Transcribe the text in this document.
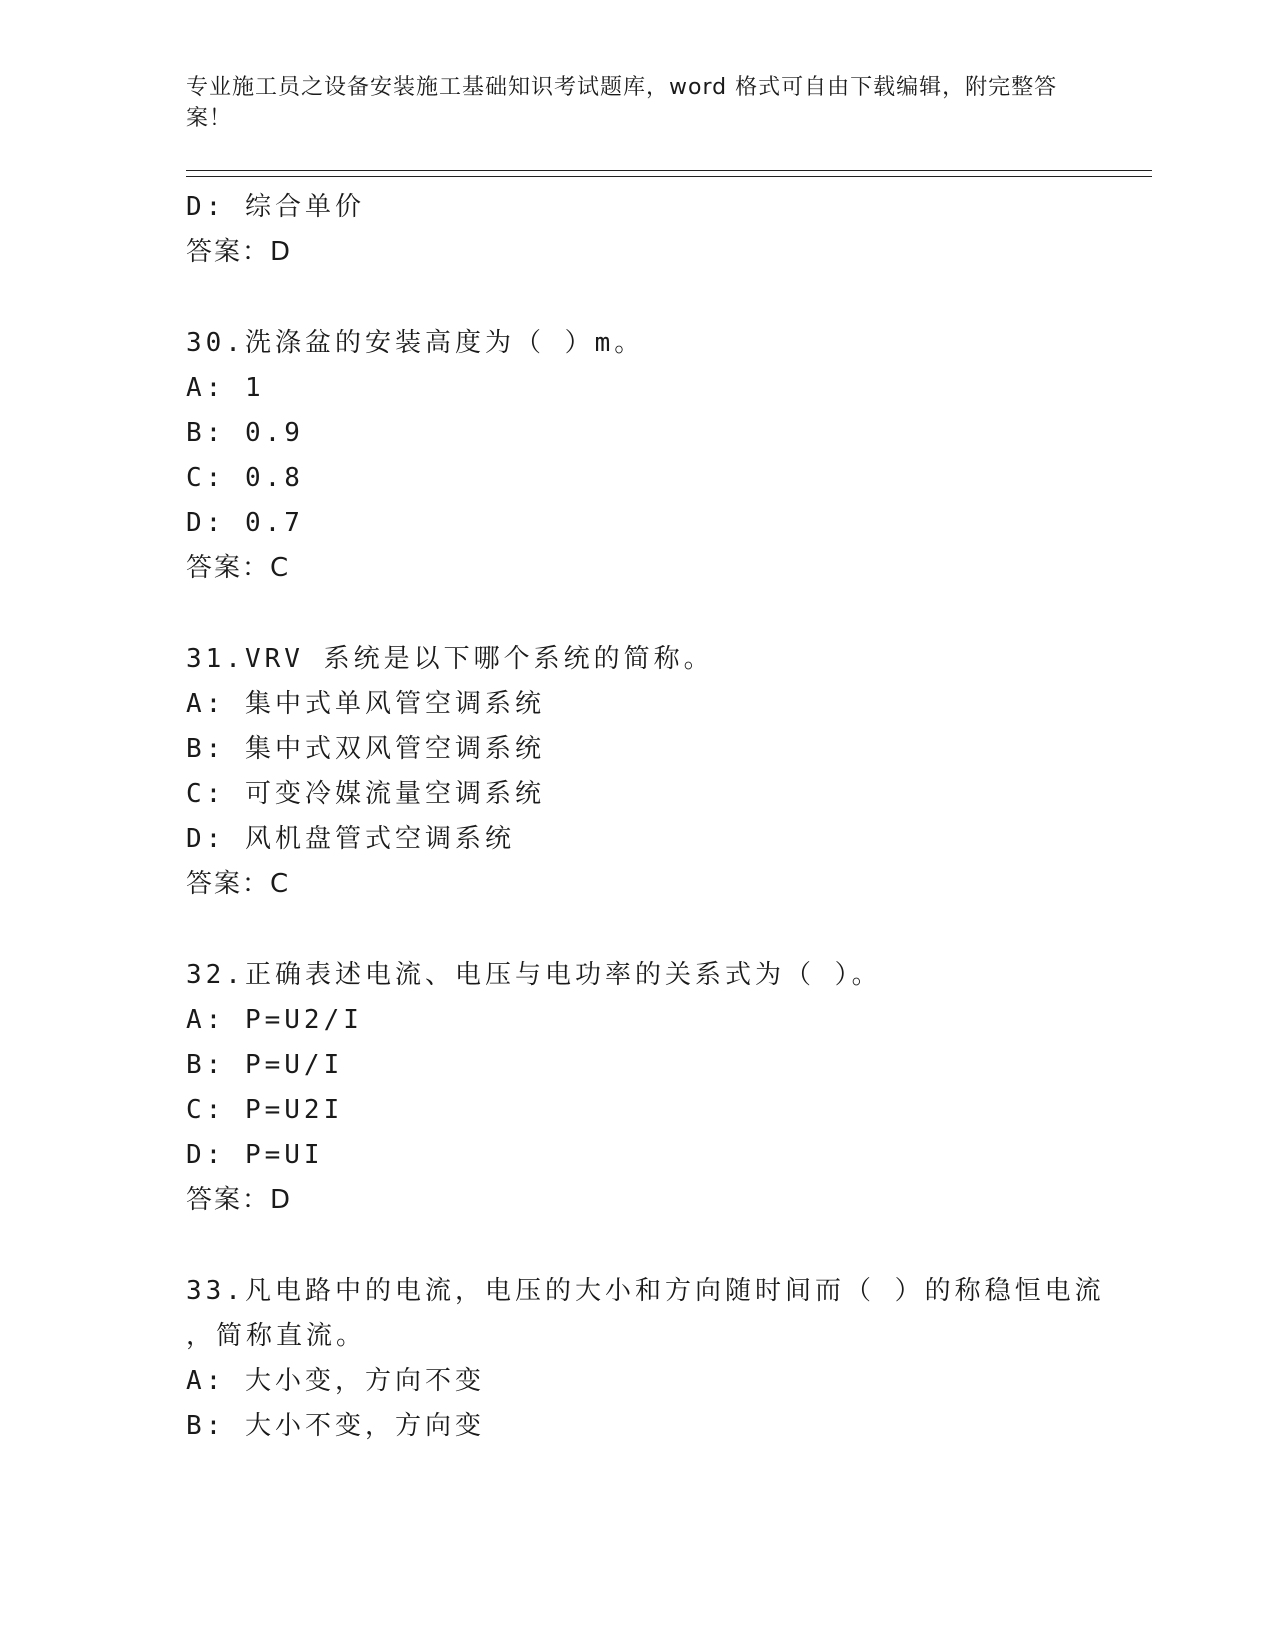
专业施工员之设备安装施工基础知识考试题库，word 格式可自由下载编辑，附完整答案！
D: 综合单价
答案：D
30.洗涤盆的安装高度为（ ）m。
A: 1
B: 0.9
C: 0.8
D: 0.7
答案：C
31.VRV 系统是以下哪个系统的简称。
A: 集中式单风管空调系统
B: 集中式双风管空调系统
C: 可变冷媒流量空调系统
D: 风机盘管式空调系统
答案：C
32.正确表述电流、电压与电功率的关系式为（ ）。
A: P=U2/I
B: P=U/I
C: P=U2I
D: P=UI
答案：D
33.凡电路中的电流，电压的大小和方向随时间而（ ）的称稳恒电流
，简称直流。
A: 大小变，方向不变
B: 大小不变，方向变
